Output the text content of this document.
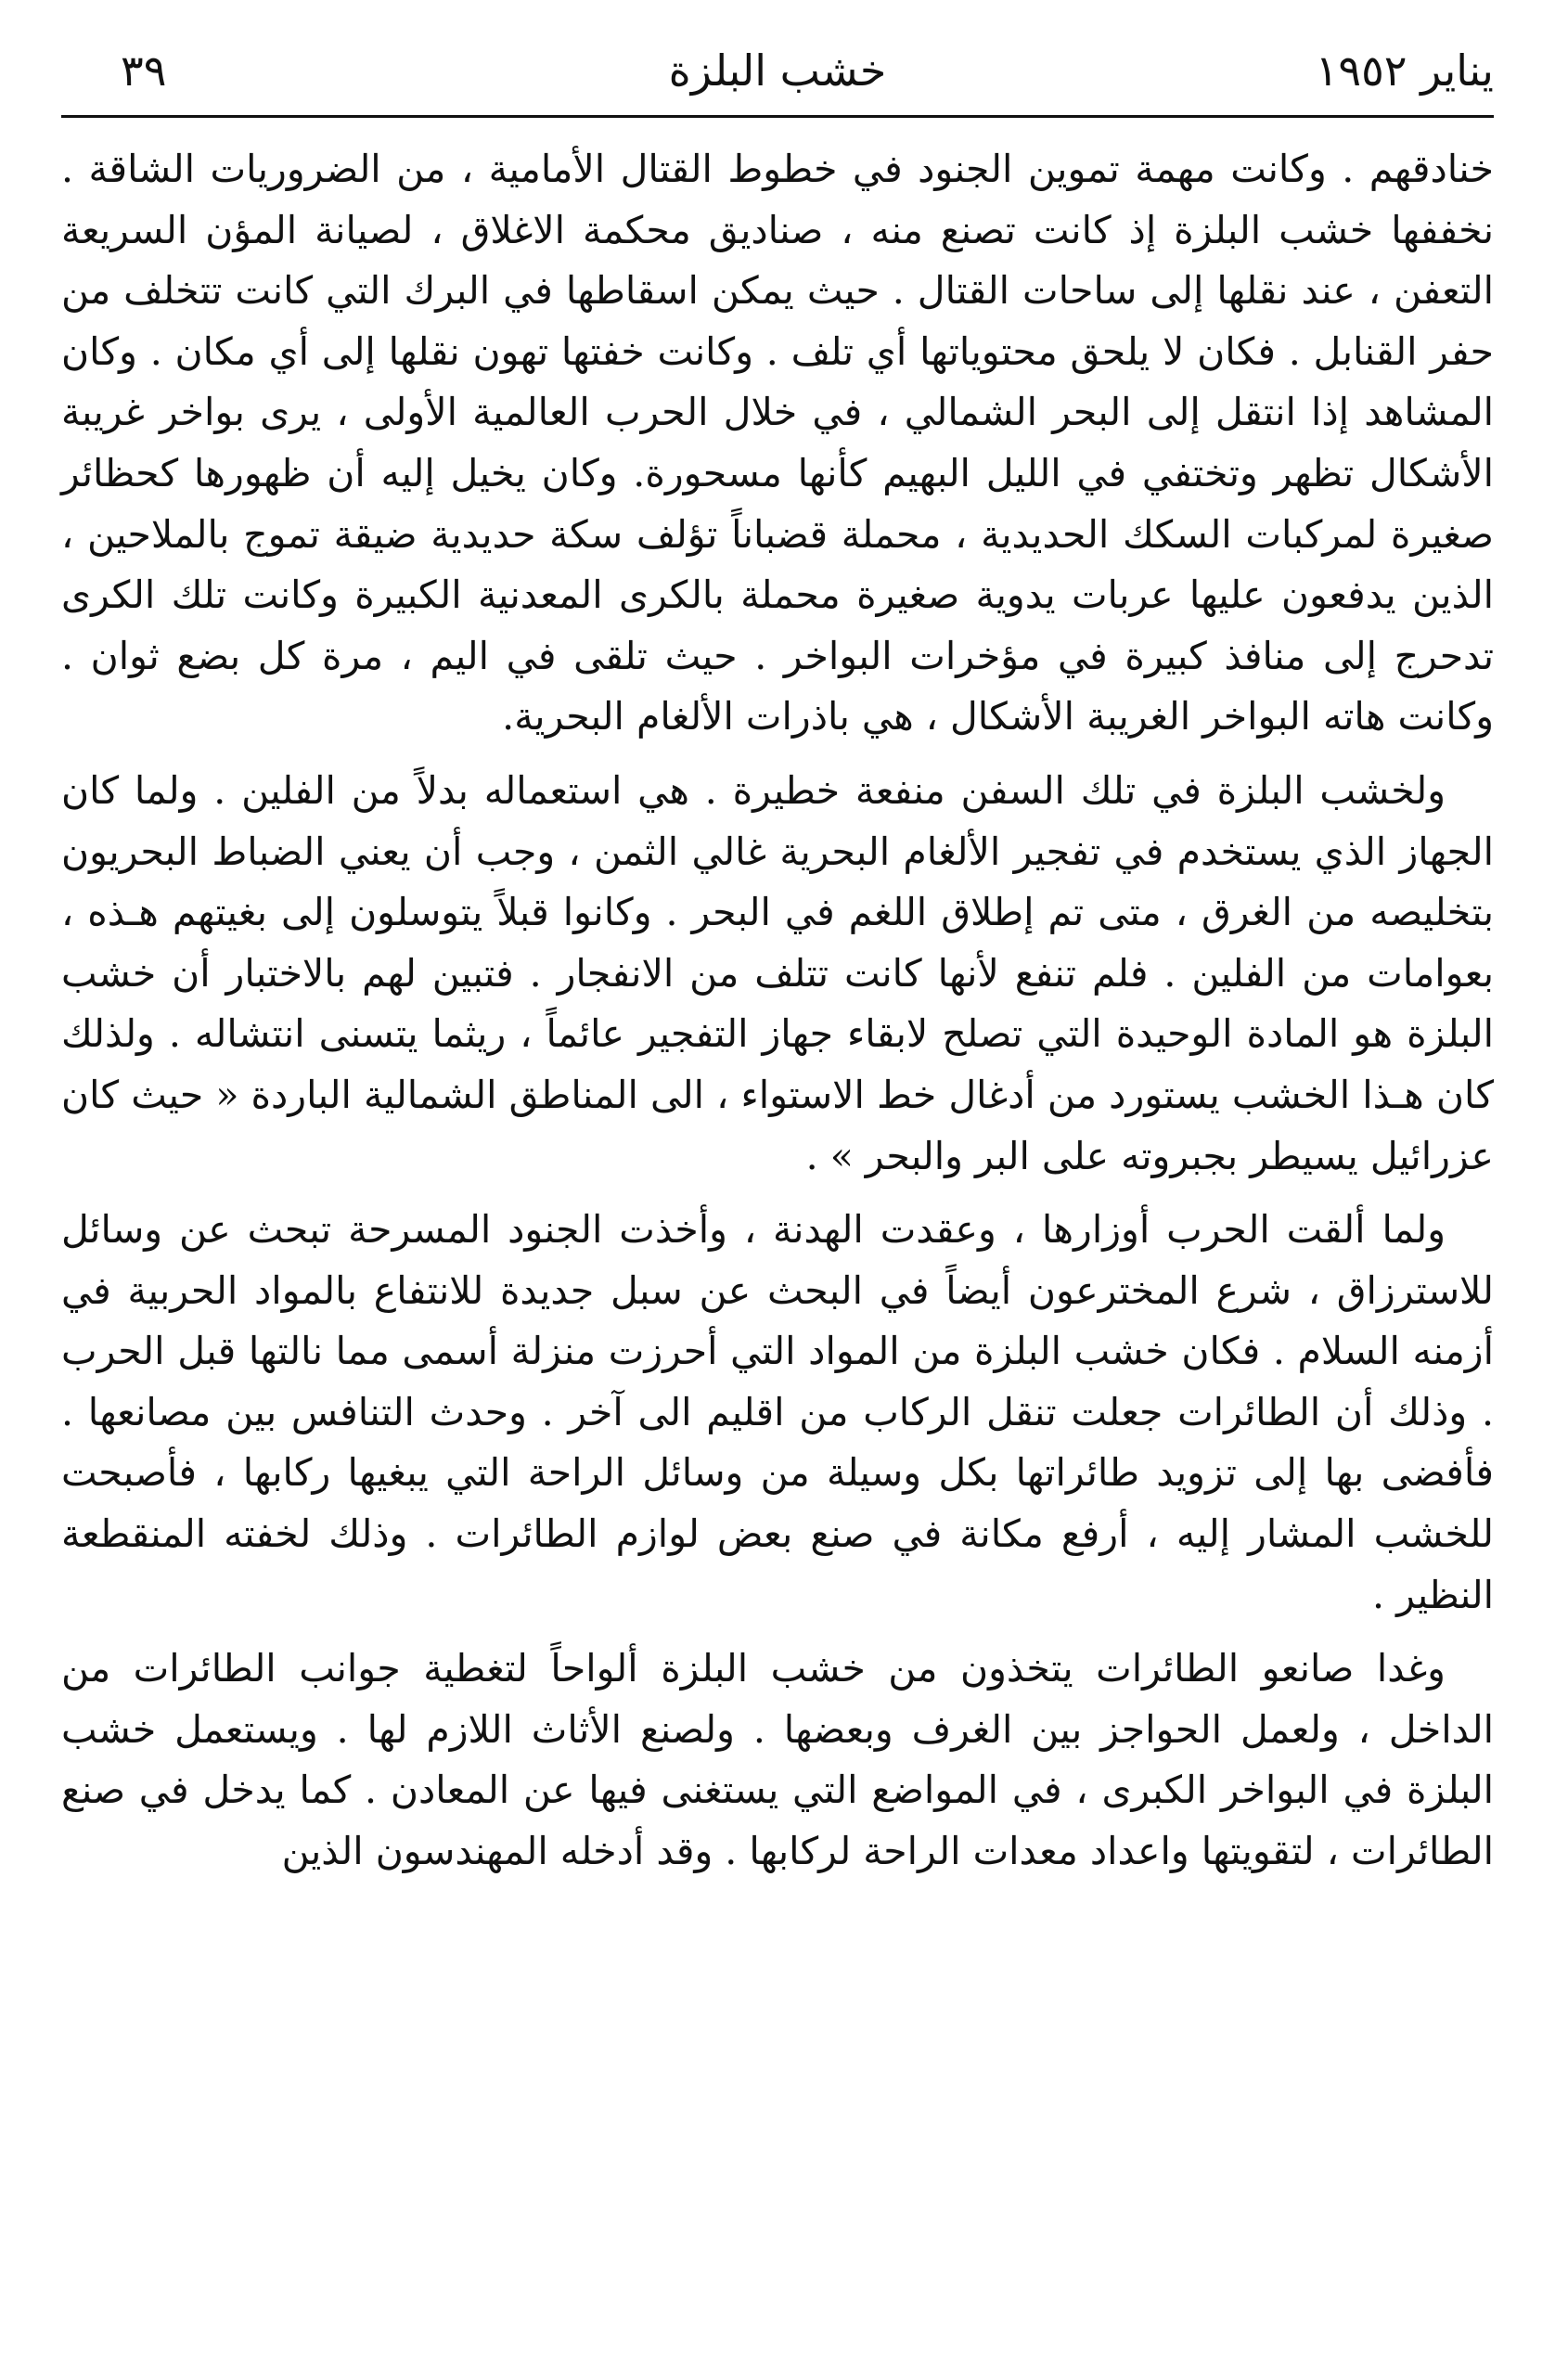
يناير ١٩٥٢
خشب البلزة
٣٩

خنادقهم . وكانت مهمة تموين الجنود في خطوط القتال الأمامية ، من الضروريات الشاقة . نخففها خشب البلزة إذ كانت تصنع منه ، صناديق محكمة الاغلاق ، لصيانة المؤن السريعة التعفن ، عند نقلها إلى ساحات القتال . حيث يمكن اسقاطها في البرك التي كانت تتخلف من حفر القنابل . فكان لا يلحق محتوياتها أي تلف . وكانت خفتها تهون نقلها إلى أي مكان . وكان المشاهد إذا انتقل إلى البحر الشمالي ، في خلال الحرب العالمية الأولى ، يرى بواخر غريبة الأشكال تظهر وتختفي في الليل البهيم كأنها مسحورة. وكان يخيل إليه أن ظهورها كحظائر صغيرة لمركبات السكك الحديدية ، محملة قضباناً تؤلف سكة حديدية ضيقة تموج بالملاحين ، الذين يدفعون عليها عربات يدوية صغيرة محملة بالكرى المعدنية الكبيرة وكانت تلك الكرى تدحرج إلى منافذ كبيرة في مؤخرات البواخر . حيث تلقى في اليم ، مرة كل بضع ثوان . وكانت هاته البواخر الغريبة الأشكال ، هي باذرات الألغام البحرية.

ولخشب البلزة في تلك السفن منفعة خطيرة . هي استعماله بدلاً من الفلين . ولما كان الجهاز الذي يستخدم في تفجير الألغام البحرية غالي الثمن ، وجب أن يعني الضباط البحريون بتخليصه من الغرق ، متى تم إطلاق اللغم في البحر . وكانوا قبلاً يتوسلون إلى بغيتهم هـذه ، بعوامات من الفلين . فلم تنفع لأنها كانت تتلف من الانفجار . فتبين لهم بالاختبار أن خشب البلزة هو المادة الوحيدة التي تصلح لابقاء جهاز التفجير عائماً ، ريثما يتسنى انتشاله . ولذلك كان هـذا الخشب يستورد من أدغال خط الاستواء ، الى المناطق الشمالية الباردة « حيث كان عزرائيل يسيطر بجبروته على البر والبحر » .

ولما ألقت الحرب أوزارها ، وعقدت الهدنة ، وأخذت الجنود المسرحة تبحث عن وسائل للاسترزاق ، شرع المخترعون أيضاً في البحث عن سبل جديدة للانتفاع بالمواد الحربية في أزمنه السلام . فكان خشب البلزة من المواد التي أحرزت منزلة أسمى مما نالتها قبل الحرب . وذلك أن الطائرات جعلت تنقل الركاب من اقليم الى آخر . وحدث التنافس بين مصانعها . فأفضى بها إلى تزويد طائراتها بكل وسيلة من وسائل الراحة التي يبغيها ركابها ، فأصبحت للخشب المشار إليه ، أرفع مكانة في صنع بعض لوازم الطائرات . وذلك لخفته المنقطعة النظير .

وغدا صانعو الطائرات يتخذون من خشب البلزة ألواحاً لتغطية جوانب الطائرات من الداخل ، ولعمل الحواجز بين الغرف وبعضها . ولصنع الأثاث اللازم لها . ويستعمل خشب البلزة في البواخر الكبرى ، في المواضع التي يستغنى فيها عن المعادن . كما يدخل في صنع الطائرات ، لتقويتها واعداد معدات الراحة لركابها . وقد أدخله المهندسون الذين
